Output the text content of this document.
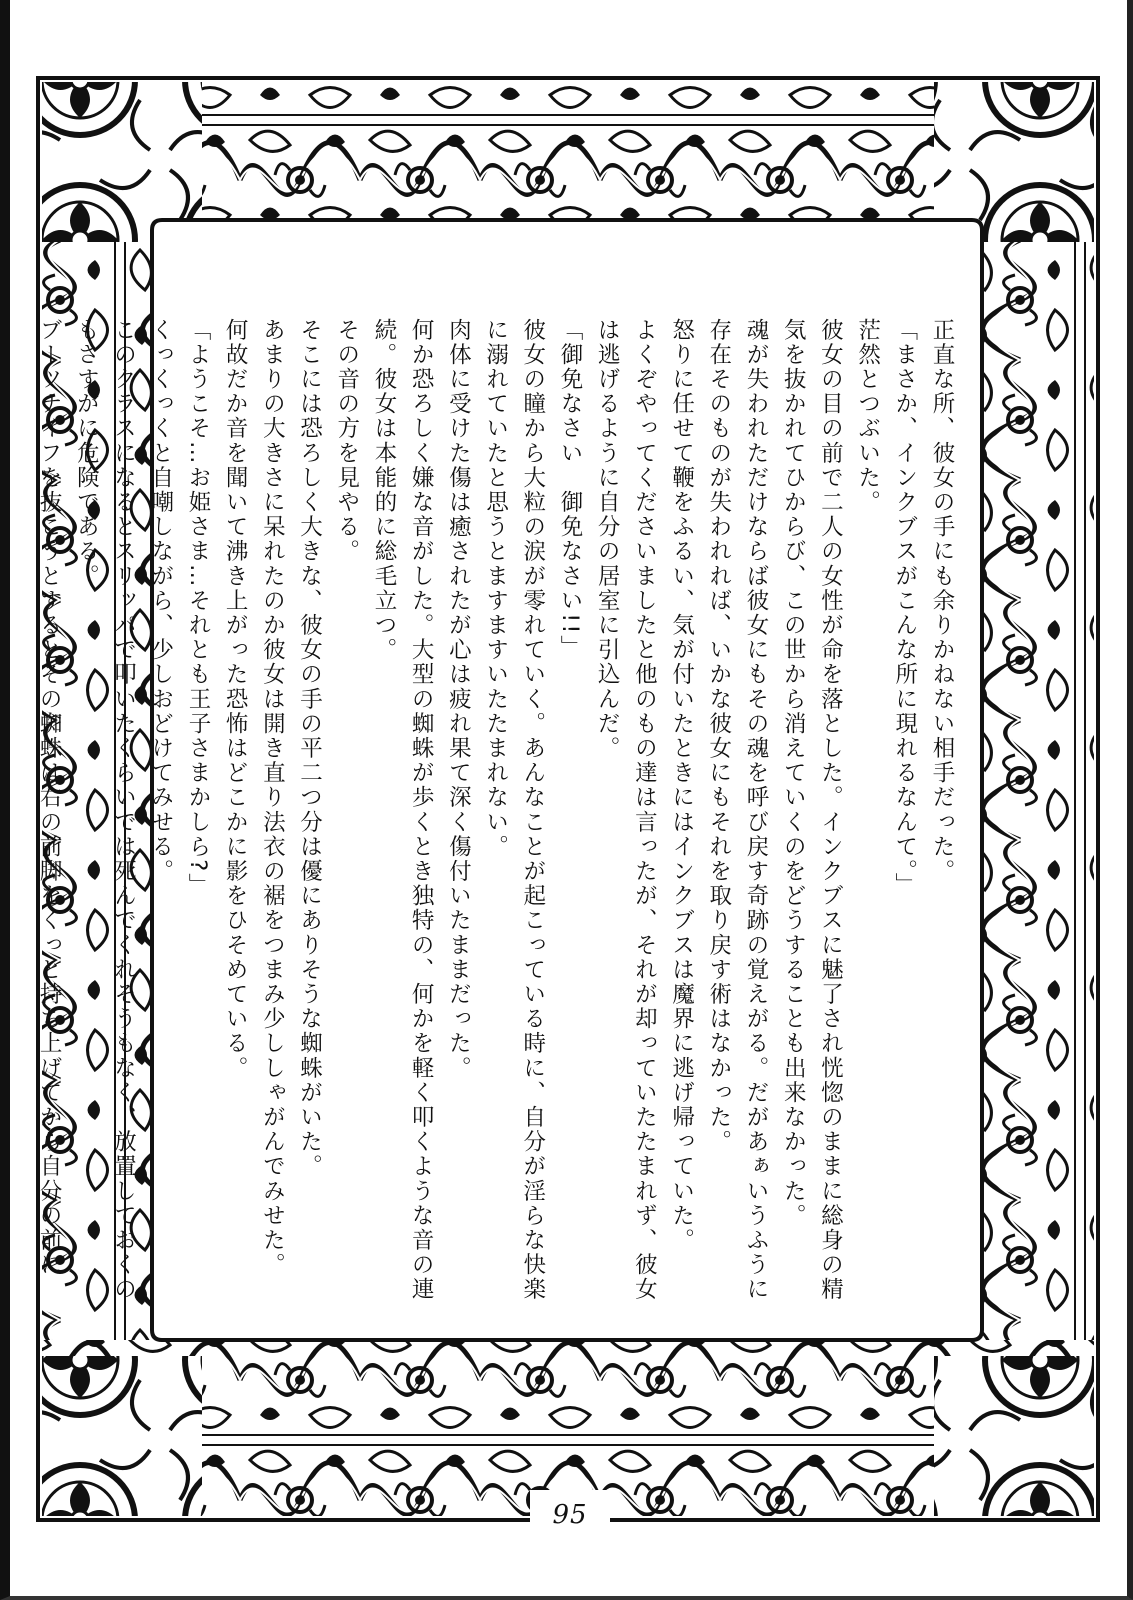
正直な所、彼女の手にも余りかねない相手だった。

「まさか、インクブスがこんな所に現れるなんて。」

茫然とつぶいた。

彼女の目の前で二人の女性が命を落とした。インクブスに魅了され恍惚のままに総身の精気を抜かれてひからび、この世から消えていくのをどうすることも出来なかった。

魂が失われただけならば彼女にもその魂を呼び戻す奇跡の覚えがる。だがあぁいうふうに存在そのものが失われれば、いかな彼女にもそれを取り戻す術はなかった。

怒りに任せて鞭をふるい、気が付いたときにはインクブスは魔界に逃げ帰っていた。

よくぞやってくださいましたと他のもの達は言ったが、それが却っていたたまれず、彼女は逃げるように自分の居室に引込んだ。

「御免なさい　御免なさい!!」

彼女の瞳から大粒の涙が零れていく。あんなことが起こっている時に、自分が淫らな快楽に溺れていたと思うとますますいたたまれない。

肉体に受けた傷は癒されたが心は疲れ果て深く傷付いたままだった。

何か恐ろしく嫌な音がした。大型の蜘蛛が歩くとき独特の、何かを軽く叩くような音の連続。彼女は本能的に総毛立つ。

その音の方を見やる。

そこには恐ろしく大きな、彼女の手の平二つ分は優にありそうな蜘蛛がいた。

あまりの大きさに呆れたのか彼女は開き直り法衣の裾をつまみ少ししゃがんでみせた。

何故だか音を聞いて沸き上がった恐怖はどこかに影をひそめている。

「ようこそ…お姫さま…それとも王子さまかしら?」

くっくっくと自嘲しながら、少しおどけてみせる。

このクラスになるとスリッパで叩いたくらいでは死んでくれそうもなく、放置しておくのもさすがに危険である。

ブーツナイフを抜こうとするとその蜘蛛は右の前脚をくっと持ち上げてから自分の前に

95
